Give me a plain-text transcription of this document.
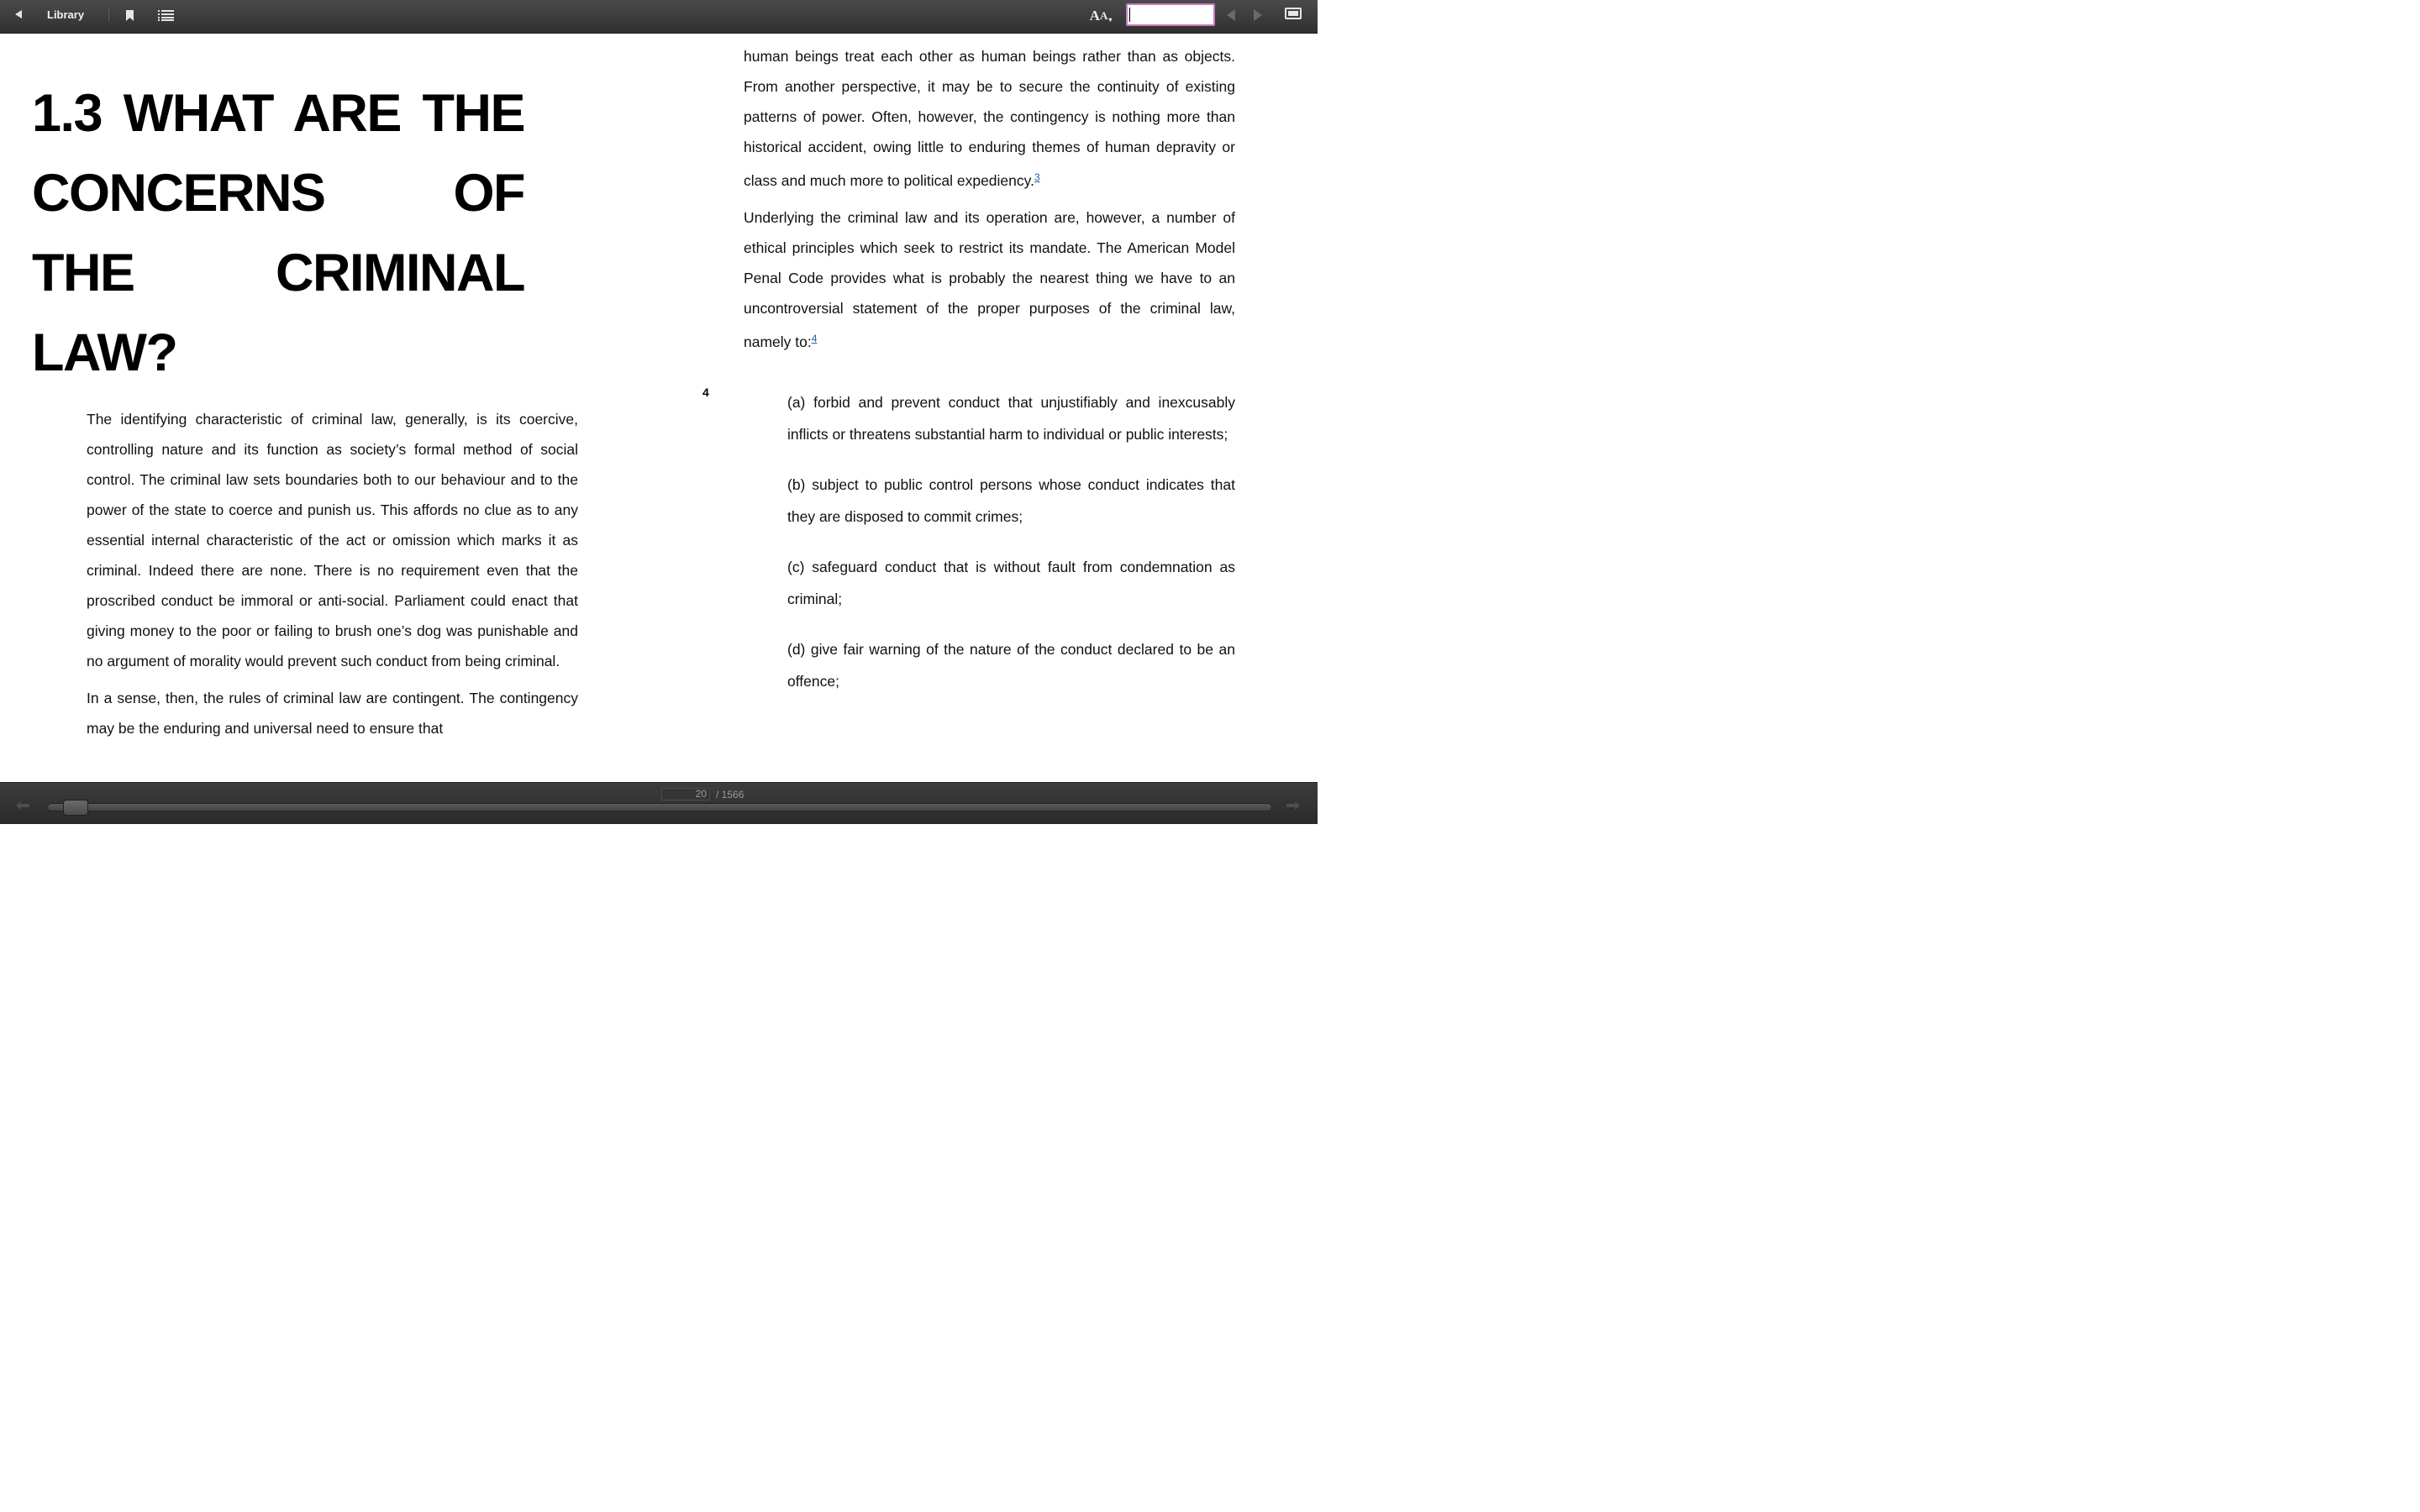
Library	A A ▾
1.3 WHAT ARE THE CONCERNS OF THE CRIMINAL LAW?

The identifying characteristic of criminal law, generally, is its coercive, controlling nature and its function as society’s formal method of social control. The criminal law sets boundaries both to our behaviour and to the power of the state to coerce and punish us. This affords no clue as to any essential internal characteristic of the act or omission which marks it as criminal. Indeed there are none. There is no requirement even that the proscribed conduct be immoral or anti-social. Parliament could enact that giving money to the poor or failing to brush one’s dog was punishable and no argument of morality would prevent such conduct from being criminal.

In a sense, then, the rules of criminal law are contingent. The contingency may be the enduring and universal need to ensure that

human beings treat each other as human beings rather than as objects. From another perspective, it may be to secure the continuity of existing patterns of power. Often, however, the contingency is nothing more than historical accident, owing little to enduring themes of human depravity or class and much more to political expediency.$^3$

Underlying the criminal law and its operation are, however, a number of ethical principles which seek to restrict its mandate. The American Model Penal Code provides what is probably the nearest thing we have to an uncontroversial statement of the proper purposes of the criminal law, namely to:$^4$

4

(a) forbid and prevent conduct that unjustifiably and inexcusably inflicts or threatens substantial harm to individual or public interests;

(b) subject to public control persons whose conduct indicates that they are disposed to commit crimes;

(c) safeguard conduct that is without fault from condemnation as criminal;

(d) give fair warning of the nature of the conduct declared to be an offence;

20 / 1566
